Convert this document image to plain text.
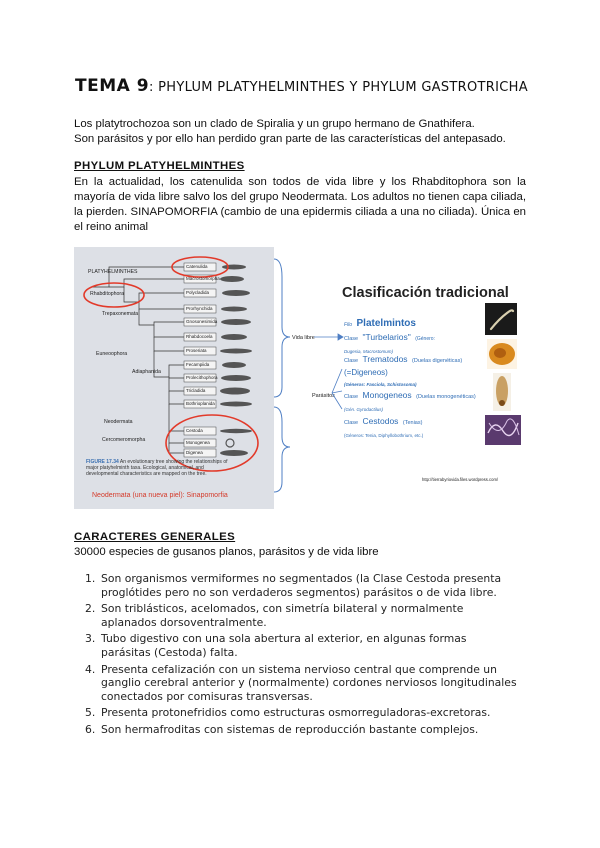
TEMA 9: PHYLUM PLATYHELMINTHES Y PHYLUM GASTROTRICHA
Los platytrochozoa son un clado de Spiralia y un grupo hermano de Gnathifera.
Son parásitos y por ello han perdido gran parte de las características del antepasado.
PHYLUM PLATYHELMINTHES
En la actualidad, los catenulida son todos de vida libre y los Rhabditophora son la mayoría de vida libre salvo los del grupo Neodermata. Los adultos no tienen capa ciliada, la pierden. SINAPOMORFIA (cambio de una epidermis ciliada a una no ciliada). Única en el reino animal
PLATYHELMINTHES
Rhabditophora
Trepaxonemata
Euneoophora
Adiaphanida
Neodermata
Cercomeromorpha
Catenulida
Macrostomorpha
Polycladida
Prorhynchida
Gnosonesimida
Rhabdocoela
Proseriata
Fecampiida
Prolecithophora
Tricladida
Bothrioplanida
Cestoda
Monogenea
Digenea
FIGURE 17.34 An evolutionary tree showing the relationships of major platyhelminth taxa. Ecological, anatomical, and developmental characteristics are mapped on the tree.
Neodermata (una nueva piel): Sinapomorfia
Vida libre
Parásitos
Clasificación tradicional
Filo Platelmintos
Clase "Turbelarios" (Género:
Dugesia, Macrostomum)
Clase Trematodos (Duelas digenéticas) (=Digeneos)
(Géneros: Fasciola, Schistosoma)
Clase Monogeneos (Duelas monogenéticas)
(Gén. Gyrodactilus)
Clase Cestodos (Tenias)
(Géneros: Tenia, Diphyllobothrium, etc.)
http://tierrabyriovida.files.wordpress.com/
CARACTERES GENERALES
30000 especies de gusanos planos, parásitos y de vida libre
1. Son organismos vermiformes no segmentados (la Clase Cestoda presenta proglótides pero no son verdaderos segmentos) parásitos o de vida libre.
2. Son triblásticos, acelomados, con simetría bilateral y normalmente aplanados dorsoventralmente.
3. Tubo digestivo con una sola abertura al exterior, en algunas formas parásitas (Cestoda) falta.
4. Presenta cefalización con un sistema nervioso central que comprende un ganglio cerebral anterior y (normalmente) cordones nerviosos longitudinales conectados por comisuras transversas.
5. Presenta protonefridios como estructuras osmorreguladoras-excretoras.
6. Son hermafroditas con sistemas de reproducción bastante complejos.
